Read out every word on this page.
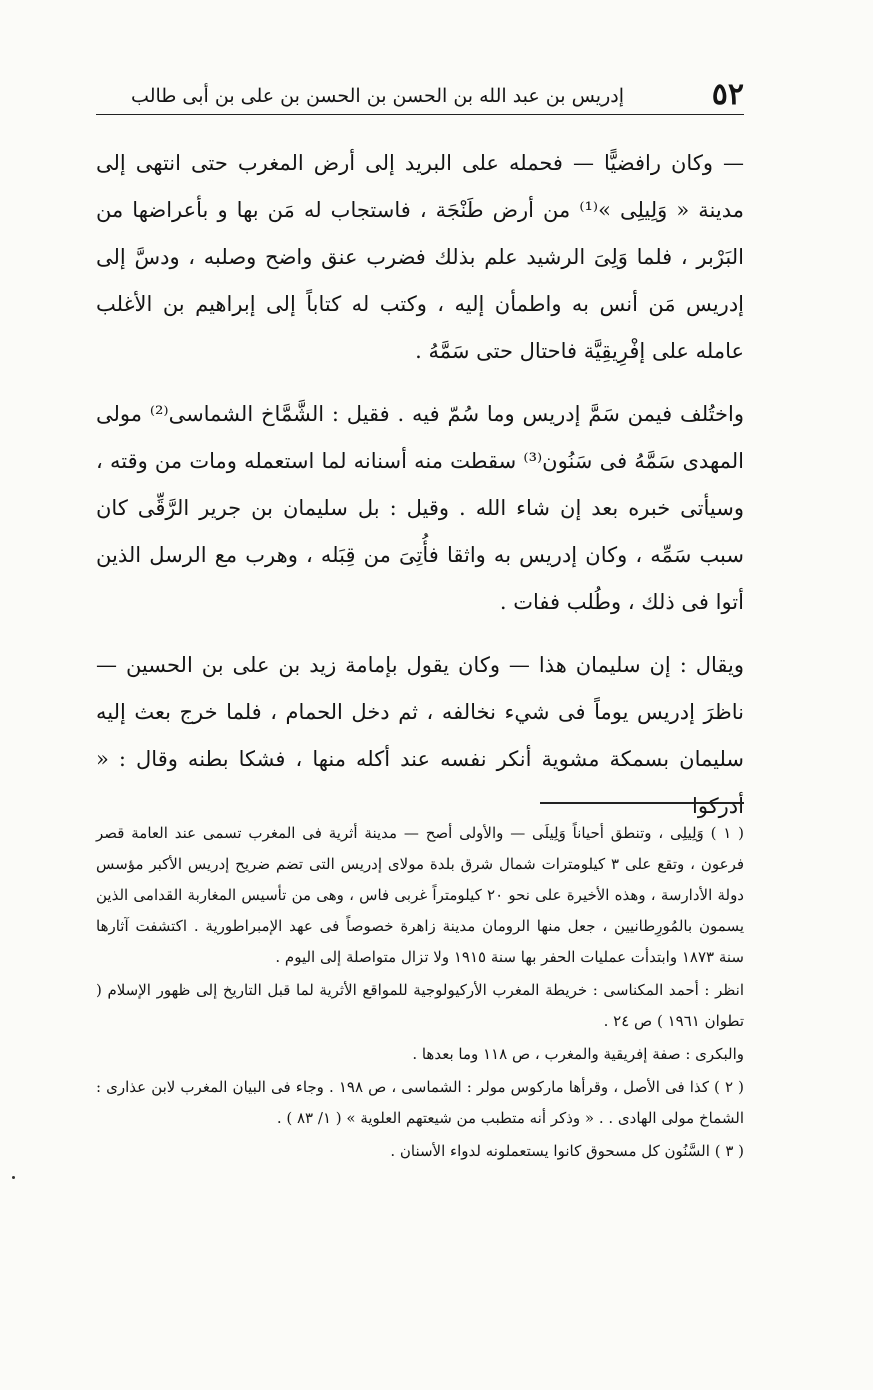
٥٢
إدريس بن عبد الله بن الحسن بن الحسن بن على بن أبى طالب

— وكان رافضيًّا — فحمله على البريد إلى أرض المغرب حتى انتهى إلى مدينة « وَلِيلِى »⁽¹⁾ من أرض طَنْجَة ، فاستجاب له مَن بها و بأعراضها من البَرْبر ، فلما وَلِىَ الرشيد علم بذلك فضرب عنق واضح وصلبه ، ودسَّ إلى إدريس مَن أنس به واطمأن إليه ، وكتب له كتاباً إلى إبراهيم بن الأغلب عامله على إفْرِيقِيَّة فاحتال حتى سَمَّهُ .

واختُلف فيمن سَمَّ إدريس وما سُمّ فيه . فقيل : الشَّمَّاخ الشماسى⁽²⁾ مولى المهدى سَمَّهُ فى سَنُون⁽³⁾ سقطت منه أسنانه لما استعمله ومات من وقته ، وسيأتى خبره بعد إن شاء الله . وقيل : بل سليمان بن جرير الرَّقِّى كان سبب سَمِّه ، وكان إدريس به واثقا فأُتِىَ من قِبَله ، وهرب مع الرسل الذين أتوا فى ذلك ، وطُلب ففات .

ويقال : إن سليمان هذا — وكان يقول بإمامة زيد بن على بن الحسين — ناظرَ إدريس يوماً فى شيء نخالفه ، ثم دخل الحمام ، فلما خرج بعث إليه سليمان بسمكة مشوية أنكر نفسه عند أكله منها ، فشكا بطنه وقال : « أدركوا

( ١ ) وَلِيلِى ، وتنطق أحياناً وَلِيلَى — والأولى أصح — مدينة أثرية فى المغرب تسمى عند العامة قصر فرعون ، وتقع على ٣ كيلومترات شمال شرق بلدة مولاى إدريس التى تضم ضريح إدريس الأكبر مؤسس دولة الأدارسة ، وهذه الأخيرة على نحو ٢٠ كيلومتراً غربى فاس ، وهى من تأسيس المغاربة القدامى الذين يسمون بالمُورِطانيين ، جعل منها الرومان مدينة زاهرة خصوصاً فى عهد الإمبراطورية . اكتشفت آثارها سنة ١٨٧٣ وابتدأت عمليات الحفر بها سنة ١٩١٥ ولا تزال متواصلة إلى اليوم .

انظر : أحمد المكناسى : خريطة المغرب الأركيولوجية للمواقع الأثرية لما قبل التاريخ إلى ظهور الإسلام ( تطوان ١٩٦١ ) ص ٢٤ .

والبكرى : صفة إفريقية والمغرب ، ص ١١٨ وما بعدها .

( ٢ ) كذا فى الأصل ، وقرأها ماركوس مولر : الشماسى ، ص ١٩٨ . وجاء فى البيان المغرب لابن عذارى : الشماخ مولى الهادى . . « وذكر أنه متطبب من شيعتهم العلوية » ( ١/ ٨٣ ) .

( ٣ ) السَّنُون كل مسحوق كانوا يستعملونه لدواء الأسنان .
